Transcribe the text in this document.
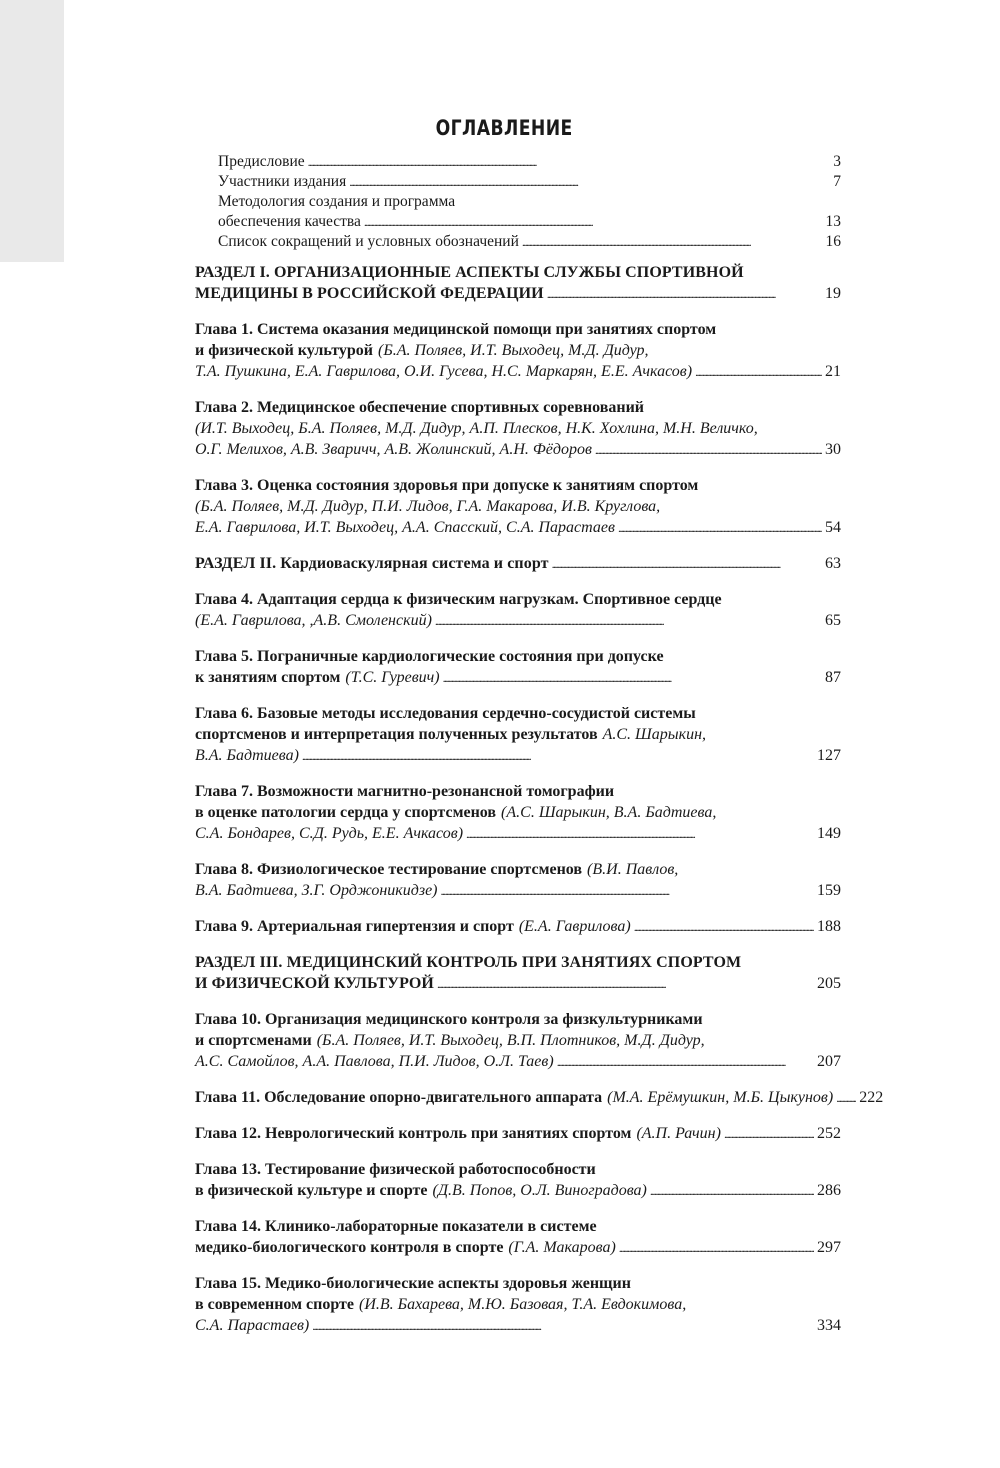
ОГЛАВЛЕНИЕ
Предисловие . . .	3
Участники издания . . .	7
Методология создания и программа
обеспечения качества . . .	13
Список сокращений и условных обозначений . . .	16
РАЗДЕЛ I. ОРГАНИЗАЦИОННЫЕ АСПЕКТЫ СЛУЖБЫ СПОРТИВНОЙ
МЕДИЦИНЫ В РОССИЙСКОЙ ФЕДЕРАЦИИ . . .	19
Глава 1. Система оказания медицинской помощи при занятиях спортом
и физической культурой (Б.А. Поляев, И.Т. Выходец, М.Д. Дидур,
Т.А. Пушкина, Е.А. Гаврилова, О.И. Гусева, Н.С. Маркарян, Е.Е. Ачкасов) . . .	21
Глава 2. Медицинское обеспечение спортивных соревнований
(И.Т. Выходец, Б.А. Поляев, М.Д. Дидур, А.П. Плесков, Н.К. Хохлина, М.Н. Величко,
О.Г. Мелихов, А.В. Зваричч, А.В. Жолинский, А.Н. Фёдоров . . .	30
Глава 3. Оценка состояния здоровья при допуске к занятиям спортом
(Б.А. Поляев, М.Д. Дидур, П.И. Лидов, Г.А. Макарова, И.В. Круглова,
Е.А. Гаврилова, И.Т. Выходец, А.А. Спасский, С.А. Парастаев . . .	54
РАЗДЕЛ II. Кардиоваскулярная система и спорт . . .	63
Глава 4. Адаптация сердца к физическим нагрузкам. Спортивное сердце
(Е.А. Гаврилова, ,А.В. Смоленский) . . .	65
Глава 5. Пограничные кардиологические состояния при допуске
к занятиям спортом (Т.С. Гуревич) . . .	87
Глава 6. Базовые методы исследования сердечно-сосудистой системы
спортсменов и интерпретация полученных результатов А.С. Шарыкин,
В.А. Бадтиева) . . .	127
Глава 7. Возможности магнитно-резонансной томографии
в оценке патологии сердца у спортсменов (А.С. Шарыкин, В.А. Бадтиева,
С.А. Бондарев, С.Д. Рудь, Е.Е. Ачкасов) . . .	149
Глава 8. Физиологическое тестирование спортсменов (В.И. Павлов,
В.А. Бадтиева, З.Г. Орджоникидзе) . . .	159
Глава 9. Артериальная гипертензия и спорт (Е.А. Гаврилова) . . .	188
РАЗДЕЛ III. МЕДИЦИНСКИЙ КОНТРОЛЬ ПРИ ЗАНЯТИЯХ СПОРТОМ
И ФИЗИЧЕСКОЙ КУЛЬТУРОЙ . . .	205
Глава 10. Организация медицинского контроля за физкультурниками
и спортсменами (Б.А. Поляев, И.Т. Выходец, В.П. Плотников, М.Д. Дидур,
А.С. Самойлов, А.А. Павлова, П.И. Лидов, О.Л. Таев) . . .	207
Глава 11. Обследование опорно-двигательного аппарата (М.А. Ерёмушкин, М.Б. Цыкунов) . . . 222
Глава 12. Неврологический контроль при занятиях спортом (А.П. Рачин) . . .	252
Глава 13. Тестирование физической работоспособности
в физической культуре и спорте (Д.В. Попов, О.Л. Виноградова) . . .	286
Глава 14. Клинико-лабораторные показатели в системе
медико-биологического контроля в спорте (Г.А. Макарова) . . .	297
Глава 15. Медико-биологические аспекты здоровья женщин
в современном спорте (И.В. Бахарева, М.Ю. Базовая, Т.А. Евдокимова,
С.А. Парастаев) . . .	334
